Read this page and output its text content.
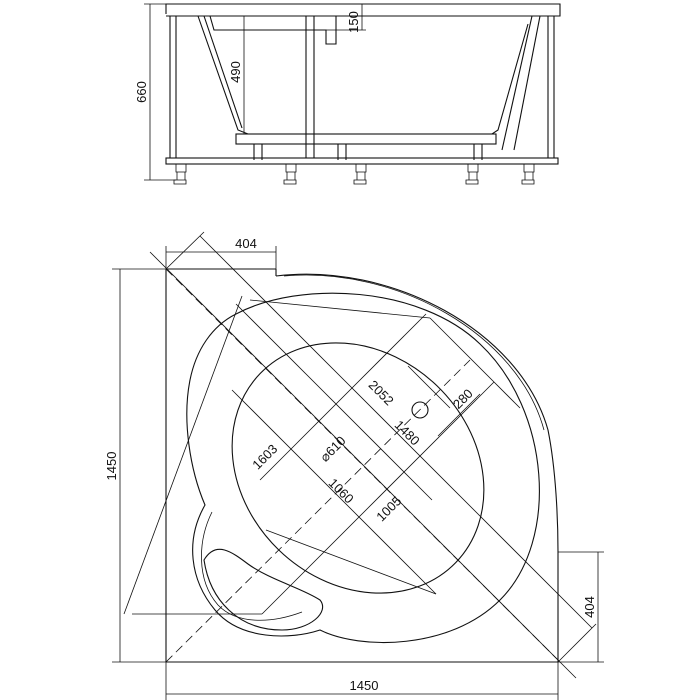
660
490
150
404
404
1450
1450
2052
1480
280
⌀610
1603
1060
1005
